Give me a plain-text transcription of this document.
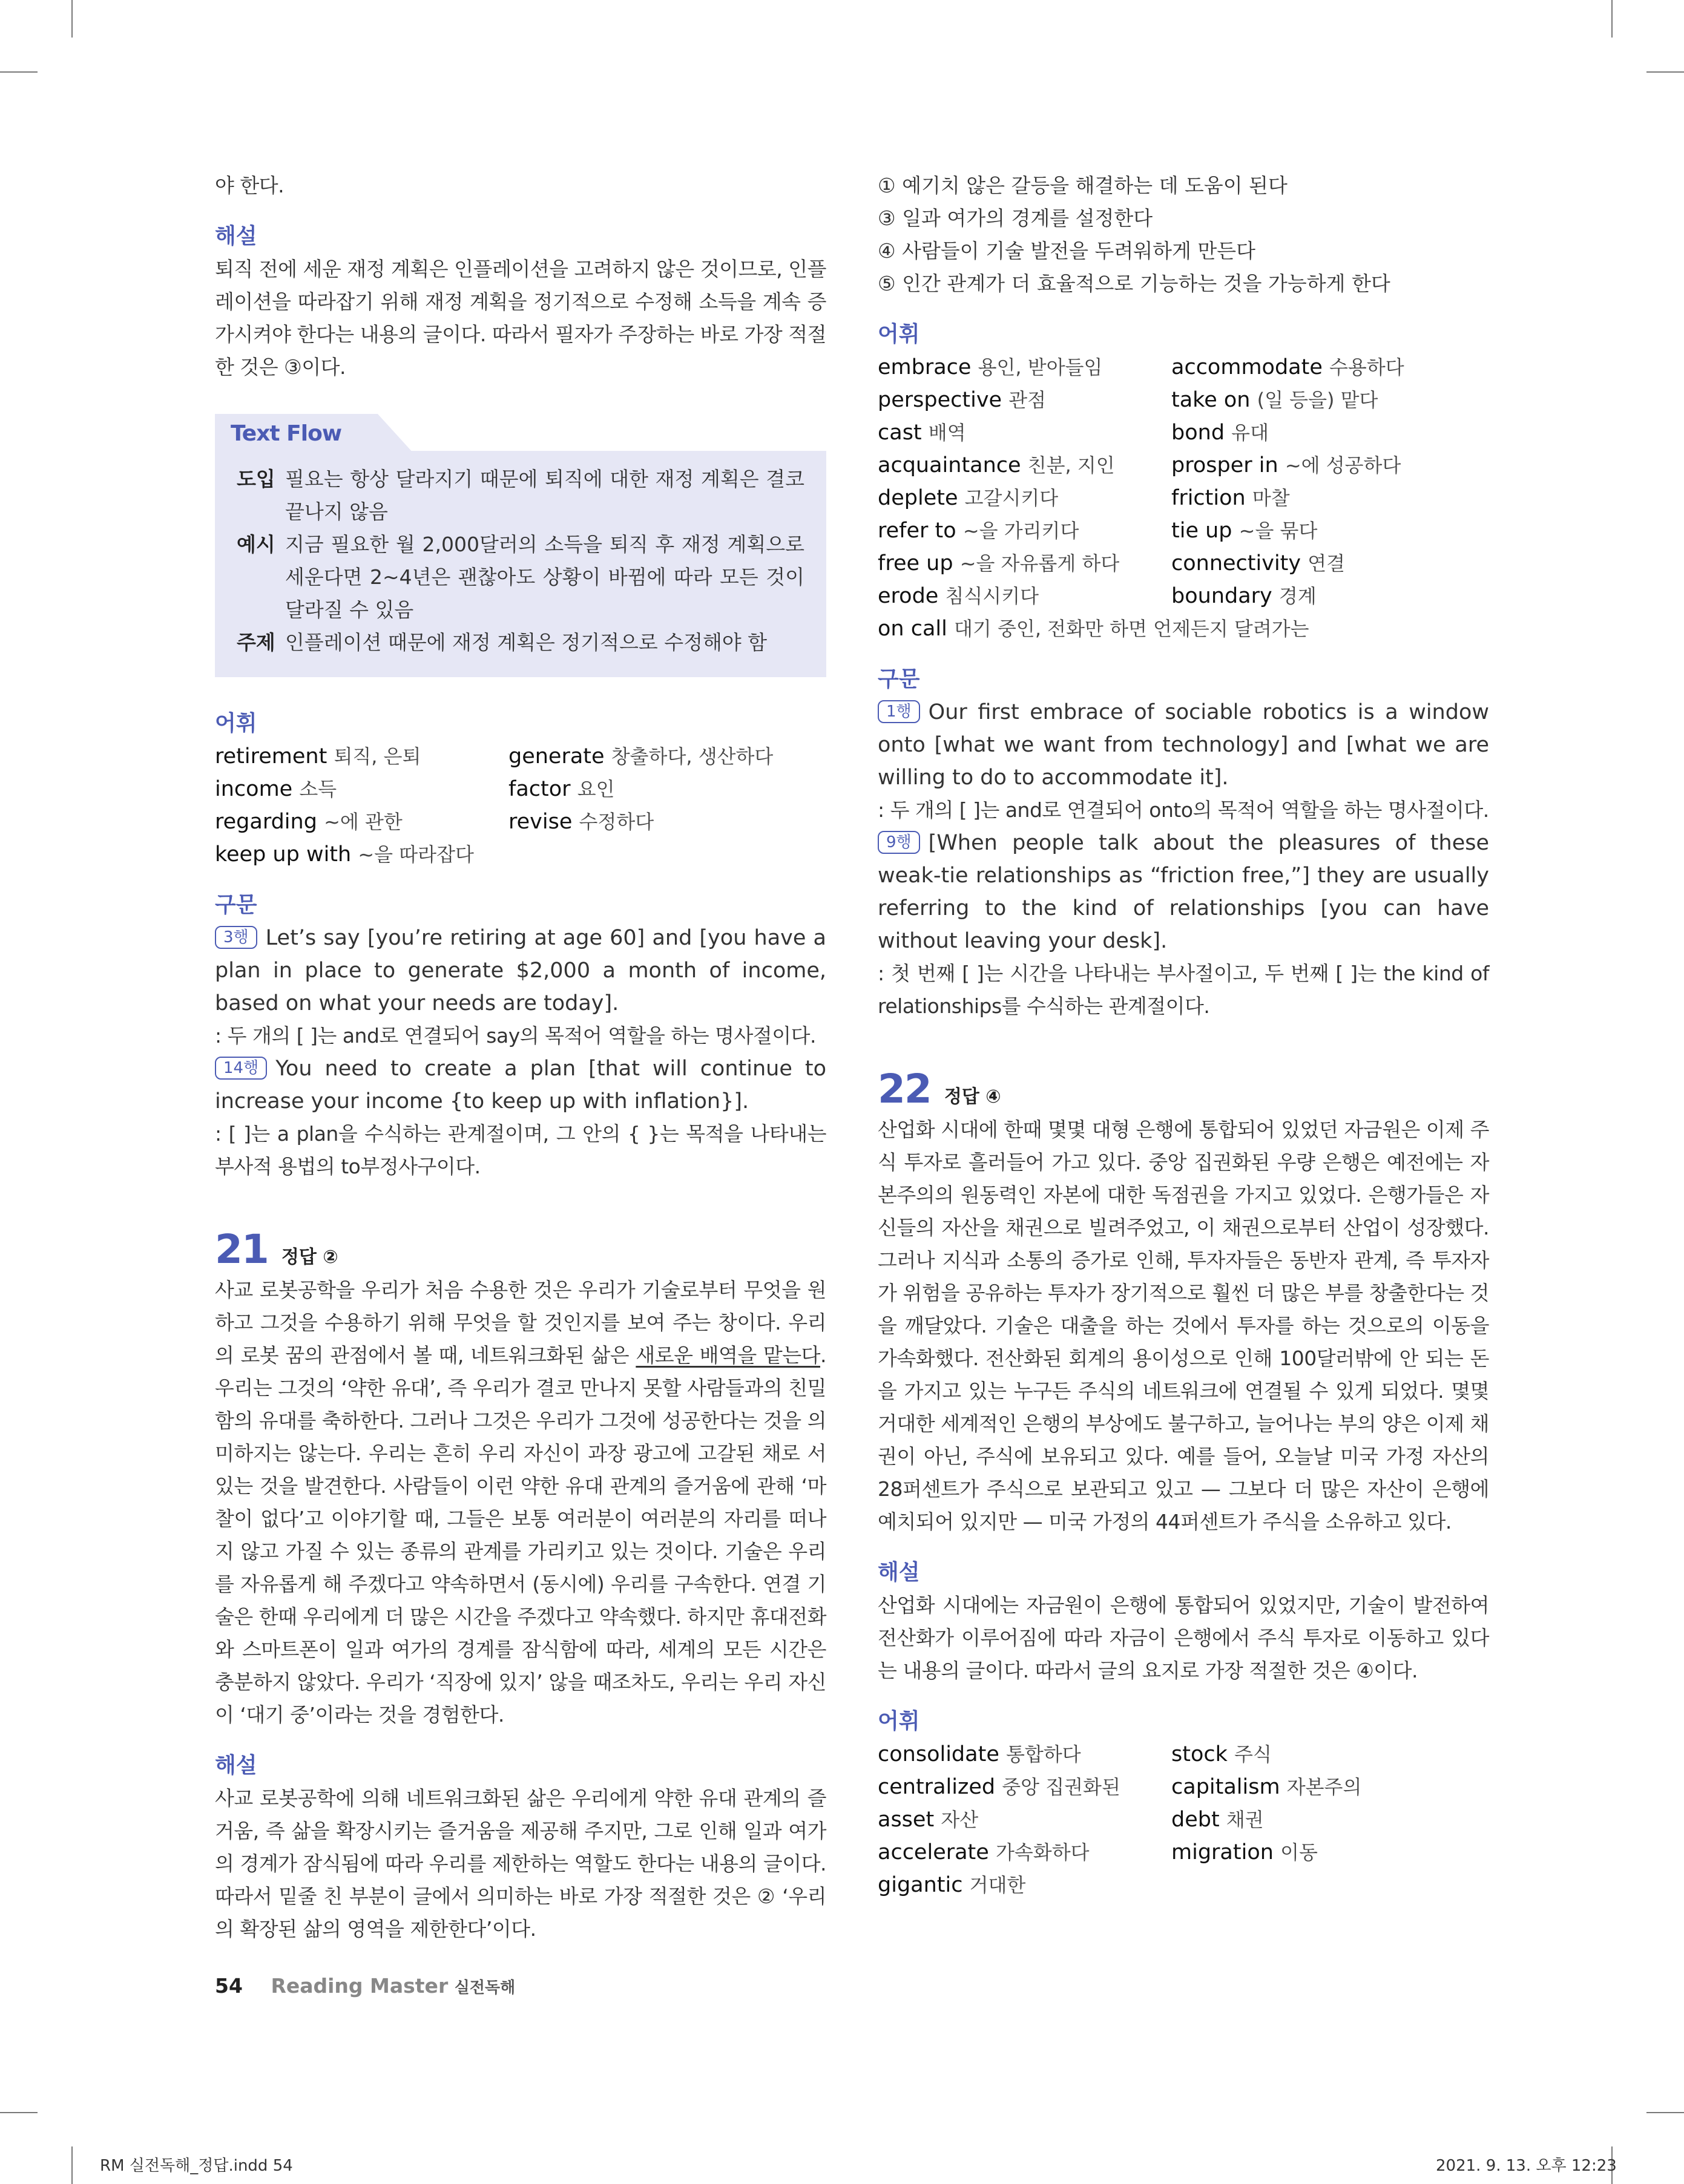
야 한다.

해설

퇴직 전에 세운 재정 계획은 인플레이션을 고려하지 않은 것이므로, 인플레이션을 따라잡기 위해 재정 계획을 정기적으로 수정해 소득을 계속 증가시켜야 한다는 내용의 글이다. 따라서 필자가 주장하는 바로 가장 적절한 것은 ③이다.

Text Flow
도입 필요는 항상 달라지기 때문에 퇴직에 대한 재정 계획은 결코 끝나지 않음
예시 지금 필요한 월 2,000달러의 소득을 퇴직 후 재정 계획으로 세운다면 2~4년은 괜찮아도 상황이 바뀜에 따라 모든 것이 달라질 수 있음
주제 인플레이션 때문에 재정 계획은 정기적으로 수정해야 함
어휘
retirement 퇴직, 은퇴	generate 창출하다, 생산하다
income 소득	factor 요인
regarding ~에 관한	revise 수정하다
keep up with ~을 따라잡다
구문

3행 Let’s say [you’re retiring at age 60] and [you have a plan in place to generate $2,000 a month of income, based on what your needs are today].

: 두 개의 [ ]는 and로 연결되어 say의 목적어 역할을 하는 명사절이다.

14행 You need to create a plan [that will continue to increase your income {to keep up with inflation}].

: [ ]는 a plan을 수식하는 관계절이며, 그 안의 { }는 목적을 나타내는 부사적 용법의 to부정사구이다.

21 정답 ②

사교 로봇공학을 우리가 처음 수용한 것은 우리가 기술로부터 무엇을 원하고 그것을 수용하기 위해 무엇을 할 것인지를 보여 주는 창이다. 우리의 로봇 꿈의 관점에서 볼 때, 네트워크화된 삶은 새로운 배역을 맡는다. 우리는 그것의 ‘약한 유대’, 즉 우리가 결코 만나지 못할 사람들과의 친밀함의 유대를 축하한다. 그러나 그것은 우리가 그것에 성공한다는 것을 의미하지는 않는다. 우리는 흔히 우리 자신이 과장 광고에 고갈된 채로 서 있는 것을 발견한다. 사람들이 이런 약한 유대 관계의 즐거움에 관해 ‘마찰이 없다’고 이야기할 때, 그들은 보통 여러분이 여러분의 자리를 떠나지 않고 가질 수 있는 종류의 관계를 가리키고 있는 것이다. 기술은 우리를 자유롭게 해 주겠다고 약속하면서 (동시에) 우리를 구속한다. 연결 기술은 한때 우리에게 더 많은 시간을 주겠다고 약속했다. 하지만 휴대전화와 스마트폰이 일과 여가의 경계를 잠식함에 따라, 세계의 모든 시간은 충분하지 않았다. 우리가 ‘직장에 있지’ 않을 때조차도, 우리는 우리 자신이 ‘대기 중’이라는 것을 경험한다.

해설

사교 로봇공학에 의해 네트워크화된 삶은 우리에게 약한 유대 관계의 즐거움, 즉 삶을 확장시키는 즐거움을 제공해 주지만, 그로 인해 일과 여가의 경계가 잠식됨에 따라 우리를 제한하는 역할도 한다는 내용의 글이다. 따라서 밑줄 친 부분이 글에서 의미하는 바로 가장 적절한 것은 ② ‘우리의 확장된 삶의 영역을 제한한다’이다.

① 예기치 않은 갈등을 해결하는 데 도움이 된다

③ 일과 여가의 경계를 설정한다

④ 사람들이 기술 발전을 두려워하게 만든다

⑤ 인간 관계가 더 효율적으로 기능하는 것을 가능하게 한다

어휘
embrace 용인, 받아들임	accommodate 수용하다
perspective 관점	take on (일 등을) 맡다
cast 배역	bond 유대
acquaintance 친분, 지인	prosper in ~에 성공하다
deplete 고갈시키다	friction 마찰
refer to ~을 가리키다	tie up ~을 묶다
free up ~을 자유롭게 하다	connectivity 연결
erode 침식시키다	boundary 경계
on call 대기 중인, 전화만 하면 언제든지 달려가는
구문

1행 Our first embrace of sociable robotics is a window onto [what we want from technology] and [what we are willing to do to accommodate it].

: 두 개의 [ ]는 and로 연결되어 onto의 목적어 역할을 하는 명사절이다.

9행 [When people talk about the pleasures of these weak-tie relationships as “friction free,”] they are usually referring to the kind of relationships [you can have without leaving your desk].

: 첫 번째 [ ]는 시간을 나타내는 부사절이고, 두 번째 [ ]는 the kind of relationships를 수식하는 관계절이다.

22 정답 ④

산업화 시대에 한때 몇몇 대형 은행에 통합되어 있었던 자금원은 이제 주식 투자로 흘러들어 가고 있다. 중앙 집권화된 우량 은행은 예전에는 자본주의의 원동력인 자본에 대한 독점권을 가지고 있었다. 은행가들은 자신들의 자산을 채권으로 빌려주었고, 이 채권으로부터 산업이 성장했다. 그러나 지식과 소통의 증가로 인해, 투자자들은 동반자 관계, 즉 투자자가 위험을 공유하는 투자가 장기적으로 훨씬 더 많은 부를 창출한다는 것을 깨달았다. 기술은 대출을 하는 것에서 투자를 하는 것으로의 이동을 가속화했다. 전산화된 회계의 용이성으로 인해 100달러밖에 안 되는 돈을 가지고 있는 누구든 주식의 네트워크에 연결될 수 있게 되었다. 몇몇 거대한 세계적인 은행의 부상에도 불구하고, 늘어나는 부의 양은 이제 채권이 아닌, 주식에 보유되고 있다. 예를 들어, 오늘날 미국 가정 자산의 28퍼센트가 주식으로 보관되고 있고 — 그보다 더 많은 자산이 은행에 예치되어 있지만 — 미국 가정의 44퍼센트가 주식을 소유하고 있다.

해설

산업화 시대에는 자금원이 은행에 통합되어 있었지만, 기술이 발전하여 전산화가 이루어짐에 따라 자금이 은행에서 주식 투자로 이동하고 있다는 내용의 글이다. 따라서 글의 요지로 가장 적절한 것은 ④이다.

어휘
consolidate 통합하다	stock 주식
centralized 중앙 집권화된	capitalism 자본주의
asset 자산	debt 채권
accelerate 가속화하다	migration 이동
gigantic 거대한
54 Reading Master 실전독해
RM 실전독해_정답.indd 54	2021. 9. 13. 오후 12:23
